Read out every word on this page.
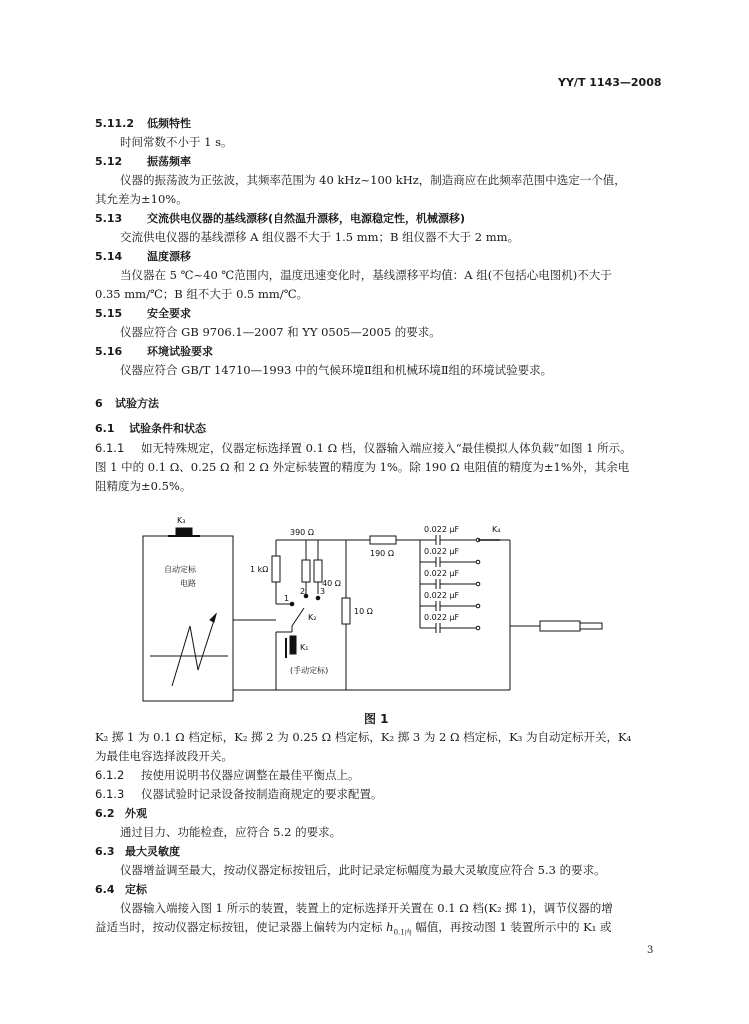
YY/T 1143—2008
5.11.2 低频特性
时间常数不小于 1 s。
5.12 振荡频率
仪器的振荡波为正弦波，其频率范围为 40 kHz~100 kHz，制造商应在此频率范围中选定一个值，
其允差为±10%。
5.13 交流供电仪器的基线漂移(自然温升漂移，电源稳定性，机械漂移)
交流供电仪器的基线漂移 A 组仪器不大于 1.5 mm；B 组仪器不大于 2 mm。
5.14 温度漂移
当仪器在 5 ℃~40 ℃范围内，温度迅速变化时，基线漂移平均值：A 组(不包括心电图机)不大于
0.35 mm/℃；B 组不大于 0.5 mm/℃。
5.15 安全要求
仪器应符合 GB 9706.1—2007 和 YY 0505—2005 的要求。
5.16 环境试验要求
仪器应符合 GB/T 14710—1993 中的气候环境Ⅱ组和机械环境Ⅱ组的环境试验要求。
6 试验方法
6.1 试验条件和状态
6.1.1 如无特殊规定，仪器定标选择置 0.1 Ω 档，仪器输入端应接入“最佳模拟人体负载”如图 1 所示。
图 1 中的 0.1 Ω、0.25 Ω 和 2 Ω 外定标装置的精度为 1%。除 190 Ω 电阻值的精度为±1%外，其余电
阻精度为±0.5%。
K₃
自动定标
电路
390 Ω
190 Ω
1 kΩ
40 Ω
1
2 3
K₂
K₁
(手动定标)
10 Ω
0.022 μF
0.022 μF
0.022 μF
0.022 μF
0.022 μF
K₄
图 1
K₂ 掷 1 为 0.1 Ω 档定标，K₂ 掷 2 为 0.25 Ω 档定标，K₂ 掷 3 为 2 Ω 档定标，K₃ 为自动定标开关，K₄
为最佳电容选择波段开关。
6.1.2 按使用说明书仪器应调整在最佳平衡点上。
6.1.3 仪器试验时记录设备按制造商规定的要求配置。
6.2 外观
通过目力、功能检查，应符合 5.2 的要求。
6.3 最大灵敏度
仪器增益调至最大，按动仪器定标按钮后，此时记录定标幅度为最大灵敏度应符合 5.3 的要求。
6.4 定标
仪器输入端接入图 1 所示的装置，装置上的定标选择开关置在 0.1 Ω 档(K₂ 掷 1)，调节仪器的增
益适当时，按动仪器定标按钮，使记录器上偏转为内定标 $h_{0.1内}$ 幅值，再按动图 1 装置所示中的 K₁ 或
3
